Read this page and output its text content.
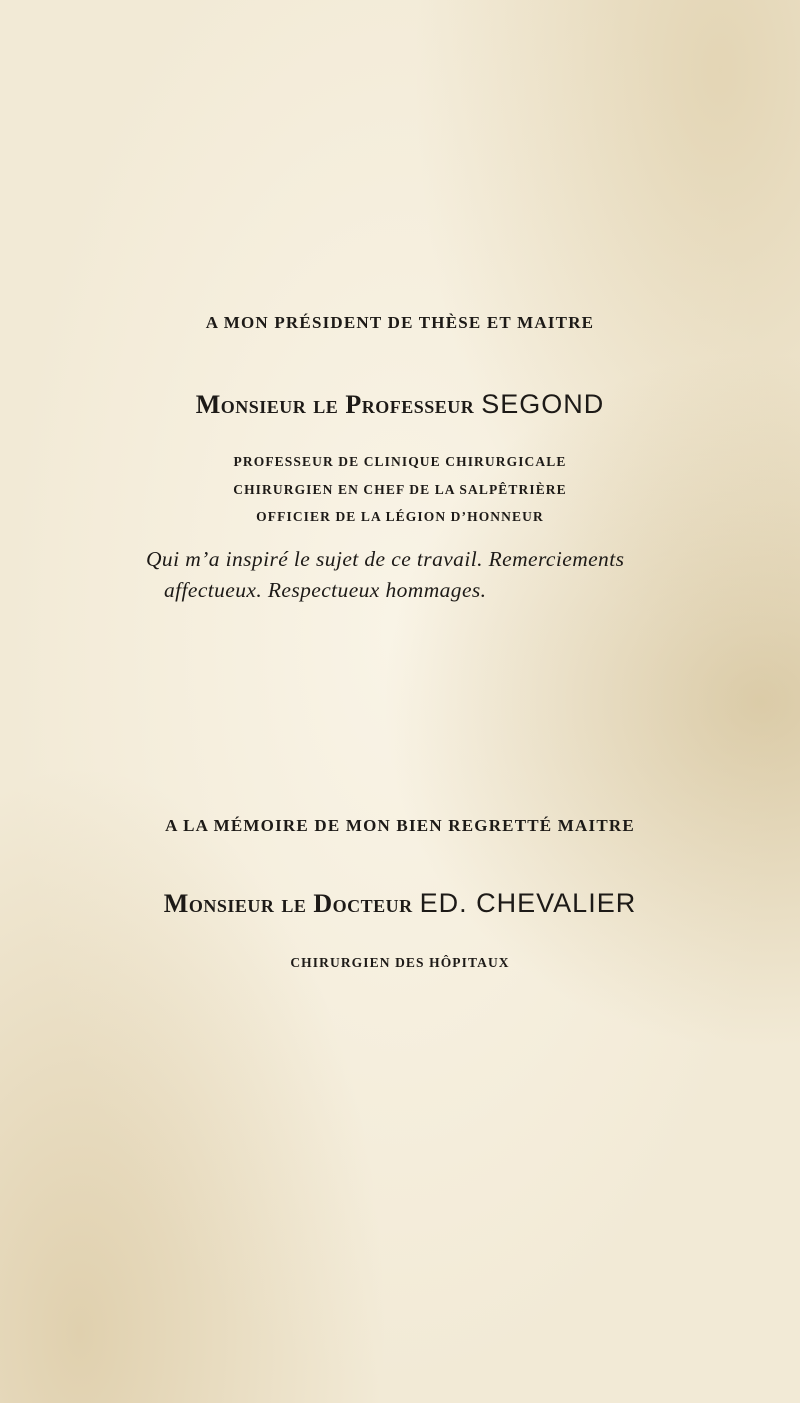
A MON PRÉSIDENT DE THÈSE ET MAITRE
Monsieur le Professeur SEGOND
PROFESSEUR DE CLINIQUE CHIRURGICALE
CHIRURGIEN EN CHEF DE LA SALPÊTRIÈRE
OFFICIER DE LA LÉGION D’HONNEUR
Qui m’a inspiré le sujet de ce travail. Remerciements
affectueux. Respectueux hommages.
A LA MÉMOIRE DE MON BIEN REGRETTÉ MAITRE
Monsieur le Docteur ED. CHEVALIER
CHIRURGIEN DES HÔPITAUX
